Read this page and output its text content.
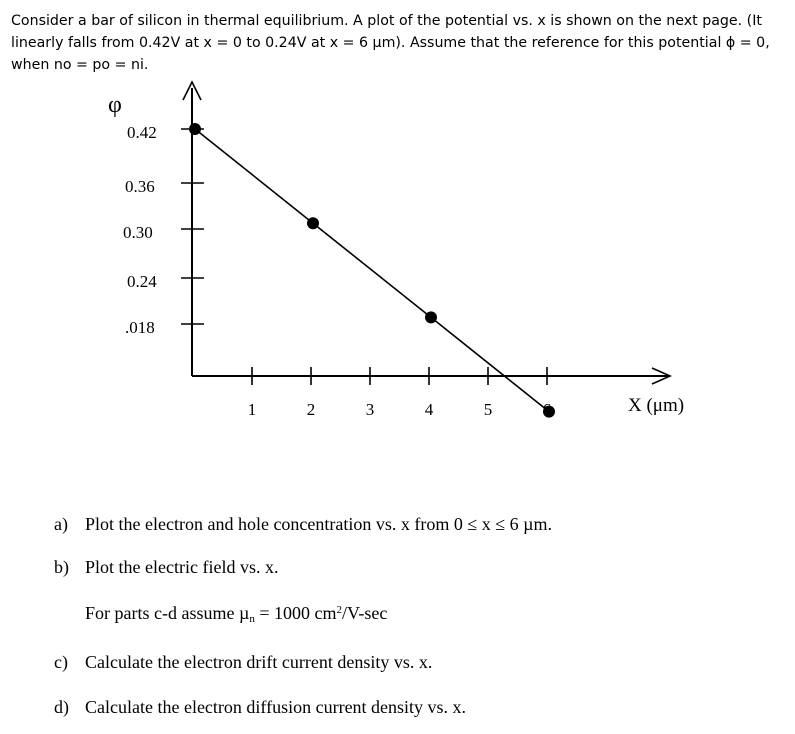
Consider a bar of silicon in thermal equilibrium. A plot of the potential vs. x is shown on the next page. (It
linearly falls from 0.42V at x = 0 to 0.24V at x = 6 µm). Assume that the reference for this potential ϕ = 0,
when no = po = ni.
φ
X (μm)
0.42
0.36
0.30
0.24
.018
1	2	3	4	5
a) Plot the electron and hole concentration vs. x from 0 ≤ x ≤ 6 µm.
b) Plot the electric field vs. x.
For parts c-d assume µ$_n$ = 1000 $cm^2/V-\sec$
c) Calculate the electron drift current density vs. x.
d) Calculate the electron diffusion current density vs. x.
